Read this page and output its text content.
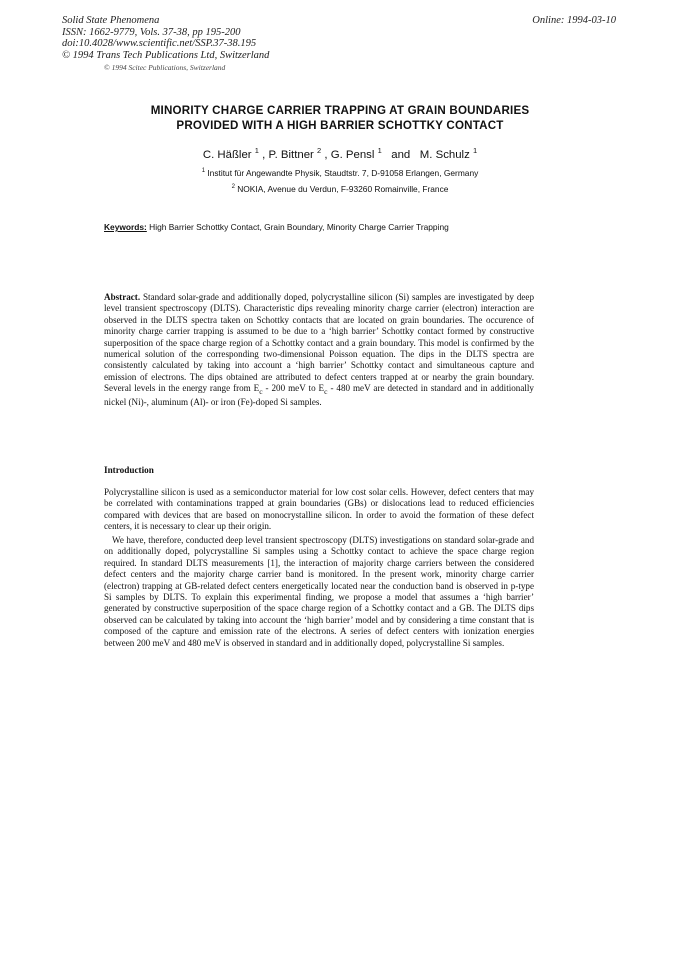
Solid State Phenomena
ISSN: 1662-9779, Vols. 37-38, pp 195-200
doi:10.4028/www.scientific.net/SSP.37-38.195
© 1994 Trans Tech Publications Ltd, Switzerland
Online: 1994-03-10
© 1994 Scitec Publications, Switzerland
MINORITY CHARGE CARRIER TRAPPING AT GRAIN BOUNDARIES
PROVIDED WITH A HIGH BARRIER SCHOTTKY CONTACT
C. Häßler $^1$ , P. Bittner $^2$ , G. Pensl $^1$ and M. Schulz $^1$
$^1$ Institut für Angewandte Physik, Staudtstr. 7, D-91058 Erlangen, Germany
$^2$ NOKIA, Avenue du Verdun, F-93260 Romainville, France
Keywords: High Barrier Schottky Contact, Grain Boundary, Minority Charge Carrier Trapping
Abstract. Standard solar-grade and additionally doped, polycrystalline silicon (Si) samples are investigated by deep level transient spectroscopy (DLTS). Characteristic dips revealing minority charge carrier (electron) interaction are observed in the DLTS spectra taken on Schottky contacts that are located on grain boundaries. The occurence of minority charge carrier trapping is assumed to be due to a ‘high barrier’ Schottky contact formed by constructive superposition of the space charge region of a Schottky contact and a grain boundary. This model is confirmed by the numerical solution of the corresponding two-dimensional Poisson equation. The dips in the DLTS spectra are consistently calculated by taking into account a ‘high barrier’ Schottky contact and simultaneous capture and emission of electrons. The dips obtained are attributed to defect centers trapped at or nearby the grain boundary. Several levels in the energy range from $E_c - 200$ meV to $E_c - 480$ meV are detected in standard and in additionally nickel (Ni)-, aluminum (Al)- or iron (Fe)-doped Si samples.
Introduction

Polycrystalline silicon is used as a semiconductor material for low cost solar cells. However, defect centers that may be correlated with contaminations trapped at grain boundaries (GBs) or dislocations lead to reduced efficiencies compared with devices that are based on monocrystalline silicon. In order to avoid the formation of these defect centers, it is necessary to clear up their origin.

We have, therefore, conducted deep level transient spectroscopy (DLTS) investigations on standard solar-grade and on additionally doped, polycrystalline Si samples using a Schottky contact to achieve the space charge region required. In standard DLTS measurements [1], the interaction of majority charge carriers between the considered defect centers and the majority charge carrier band is monitored. In the present work, minority charge carrier (electron) trapping at GB-related defect centers energetically located near the conduction band is observed in p-type Si samples by DLTS. To explain this experimental finding, we propose a model that assumes a ‘high barrier’ generated by constructive superposition of the space charge region of a Schottky contact and a GB. The DLTS dips observed can be calculated by taking into account the ‘high barrier’ model and by considering a time constant that is composed of the capture and emission rate of the electrons. A series of defect centers with ionization energies between 200 meV and 480 meV is observed in standard and in additionally doped, polycrystalline Si samples.
